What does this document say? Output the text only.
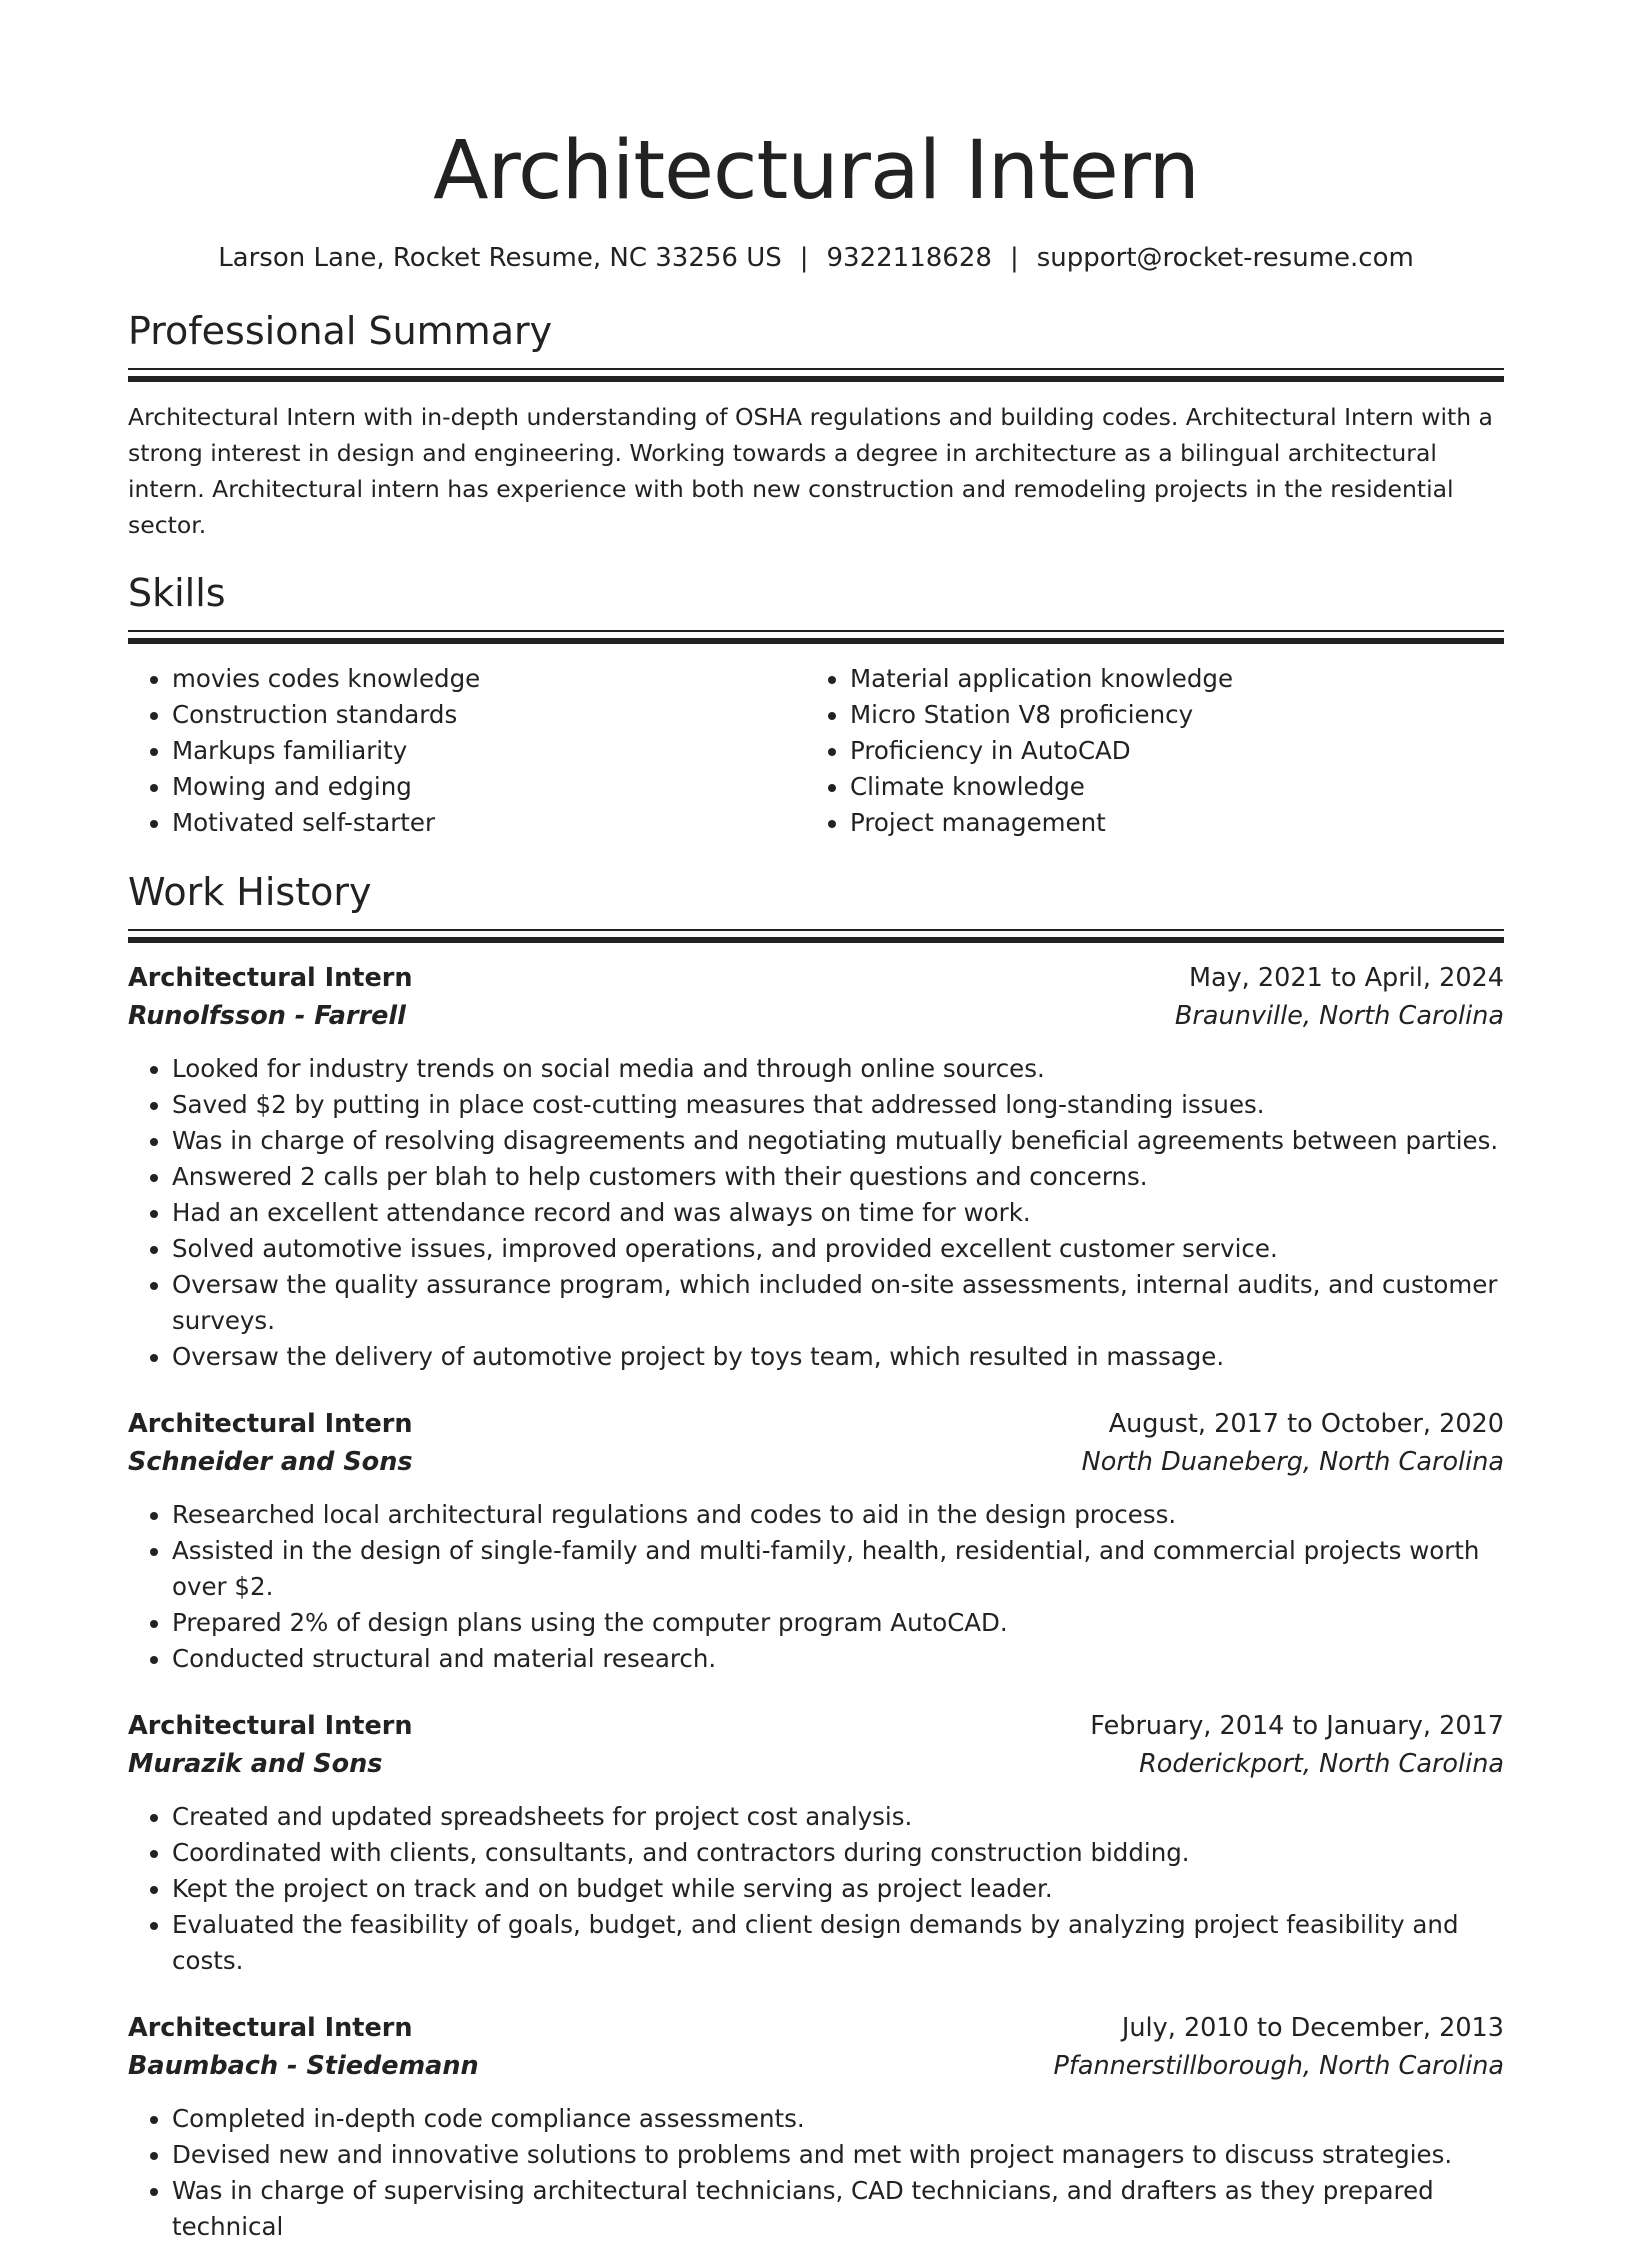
Architectural Intern
Larson Lane, Rocket Resume, NC 33256 US | 9322118628 | support@rocket-resume.com
Professional Summary

Architectural Intern with in-depth understanding of OSHA regulations and building codes. Architectural Intern with a strong interest in design and engineering. Working towards a degree in architecture as a bilingual architectural intern. Architectural intern has experience with both new construction and remodeling projects in the residential sector.

Skills
• movies codes knowledge
• Construction standards
• Markups familiarity
• Mowing and edging
• Motivated self-starter
• Material application knowledge
• Micro Station V8 proficiency
• Proficiency in AutoCAD
• Climate knowledge
• Project management
Work History
Architectural Intern	May, 2021 to April, 2024
Runolfsson - Farrell	Braunville, North Carolina
• Looked for industry trends on social media and through online sources.
• Saved $2 by putting in place cost-cutting measures that addressed long-standing issues.
• Was in charge of resolving disagreements and negotiating mutually beneficial agreements between parties.
• Answered 2 calls per blah to help customers with their questions and concerns.
• Had an excellent attendance record and was always on time for work.
• Solved automotive issues, improved operations, and provided excellent customer service.
• Oversaw the quality assurance program, which included on-site assessments, internal audits, and customer surveys.
• Oversaw the delivery of automotive project by toys team, which resulted in massage.
Architectural Intern	August, 2017 to October, 2020
Schneider and Sons	North Duaneberg, North Carolina
• Researched local architectural regulations and codes to aid in the design process.
• Assisted in the design of single-family and multi-family, health, residential, and commercial projects worth over $2.
• Prepared 2% of design plans using the computer program AutoCAD.
• Conducted structural and material research.
Architectural Intern	February, 2014 to January, 2017
Murazik and Sons	Roderickport, North Carolina
• Created and updated spreadsheets for project cost analysis.
• Coordinated with clients, consultants, and contractors during construction bidding.
• Kept the project on track and on budget while serving as project leader.
• Evaluated the feasibility of goals, budget, and client design demands by analyzing project feasibility and costs.
Architectural Intern	July, 2010 to December, 2013
Baumbach - Stiedemann	Pfannerstillborough, North Carolina
• Completed in-depth code compliance assessments.
• Devised new and innovative solutions to problems and met with project managers to discuss strategies.
• Was in charge of supervising architectural technicians, CAD technicians, and drafters as they prepared technical
